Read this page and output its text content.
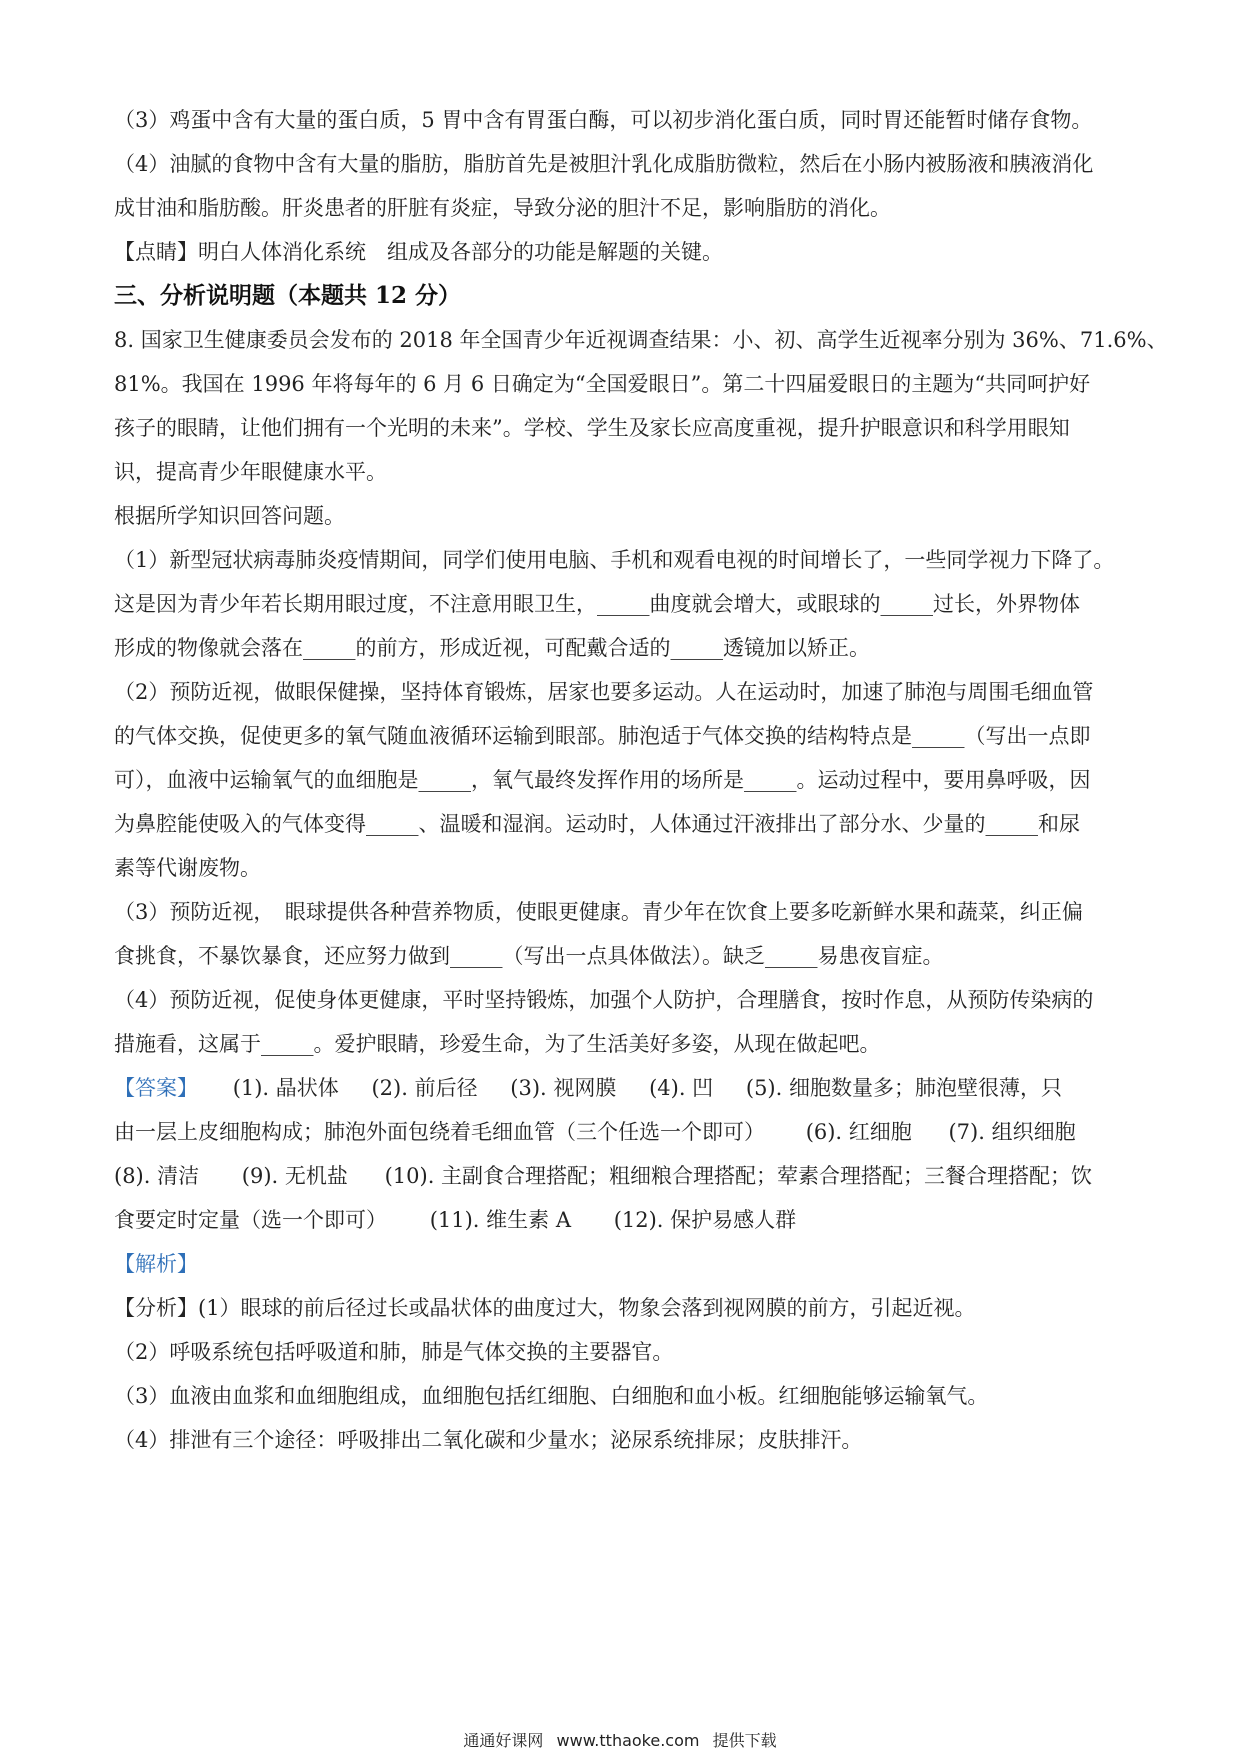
（3）鸡蛋中含有大量的蛋白质，5 胃中含有胃蛋白酶，可以初步消化蛋白质，同时胃还能暂时储存食物。
（4）油腻的食物中含有大量的脂肪，脂肪首先是被胆汁乳化成脂肪微粒，然后在小肠内被肠液和胰液消化
成甘油和脂肪酸。肝炎患者的肝脏有炎症，导致分泌的胆汁不足，影响脂肪的消化。
【点睛】明白人体消化系统　组成及各部分的功能是解题的关键。
三、分析说明题（本题共 12 分）
8. 国家卫生健康委员会发布的 2018 年全国青少年近视调查结果：小、初、高学生近视率分别为 36%、71.6%、
81%。我国在 1996 年将每年的 6 月 6 日确定为“全国爱眼日”。第二十四届爱眼日的主题为“共同呵护好
孩子的眼睛，让他们拥有一个光明的未来”。学校、学生及家长应高度重视，提升护眼意识和科学用眼知
识，提高青少年眼健康水平。
根据所学知识回答问题。
（1）新型冠状病毒肺炎疫情期间，同学们使用电脑、手机和观看电视的时间增长了，一些同学视力下降了。
这是因为青少年若长期用眼过度，不注意用眼卫生，_____曲度就会增大，或眼球的_____过长，外界物体
形成的物像就会落在_____的前方，形成近视，可配戴合适的_____透镜加以矫正。
（2）预防近视，做眼保健操，坚持体育锻炼，居家也要多运动。人在运动时，加速了肺泡与周围毛细血管
的气体交换，促使更多的氧气随血液循环运输到眼部。肺泡适于气体交换的结构特点是_____（写出一点即
可），血液中运输氧气的血细胞是_____，氧气最终发挥作用的场所是_____。运动过程中，要用鼻呼吸，因
为鼻腔能使吸入的气体变得_____、温暖和湿润。运动时，人体通过汗液排出了部分水、少量的_____和尿
素等代谢废物。
（3）预防近视，　眼球提供各种营养物质，使眼更健康。青少年在饮食上要多吃新鲜水果和蔬菜，纠正偏
食挑食，不暴饮暴食，还应努力做到_____（写出一点具体做法）。缺乏_____易患夜盲症。
（4）预防近视，促使身体更健康，平时坚持锻炼，加强个人防护，合理膳食，按时作息，从预防传染病的
措施看，这属于_____。爱护眼睛，珍爱生命，为了生活美好多姿，从现在做起吧。
【答案】 (1). 晶状体 (2). 前后径 (3). 视网膜 (4). 凹 (5). 细胞数量多；肺泡壁很薄，只
由一层上皮细胞构成；肺泡外面包绕着毛细血管（三个任选一个即可） (6). 红细胞 (7). 组织细胞
(8). 清洁 (9). 无机盐 (10). 主副食合理搭配；粗细粮合理搭配；荤素合理搭配；三餐合理搭配；饮
食要定时定量（选一个即可） (11). 维生素 A (12). 保护易感人群
【解析】
【分析】(1）眼球的前后径过长或晶状体的曲度过大，物象会落到视网膜的前方，引起近视。
（2）呼吸系统包括呼吸道和肺，肺是气体交换的主要器官。
（3）血液由血浆和血细胞组成，血细胞包括红细胞、白细胞和血小板。红细胞能够运输氧气。
（4）排泄有三个途径：呼吸排出二氧化碳和少量水；泌尿系统排尿；皮肤排汗。
通通好课网 www.tthaoke.com 提供下载
